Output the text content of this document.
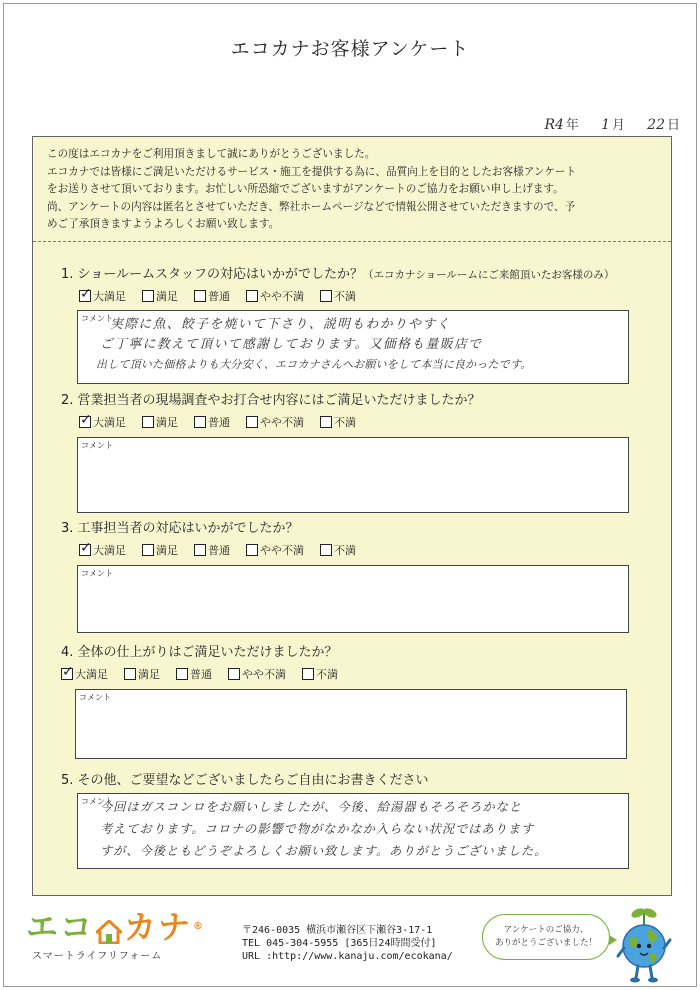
エコカナお客様アンケート
R4 年 1 月 22 日

この度はエコカナをご利用頂きまして誠にありがとうございました。

エコカナでは皆様にご満足いただけるサービス・施工を提供する為に、品質向上を目的としたお客様アンケート

をお送りさせて頂いております。お忙しい所恐縮でございますがアンケートのご協力をお願い申し上げます。

尚、アンケートの内容は匿名とさせていただき、弊社ホームページなどで情報公開させていただきますので、予

めご了承頂きますようよろしくお願い致します。

1. ショールームスタッフの対応はいかがでしたか？（エコカナショールームにご来館頂いたお客様のみ）
✓
大満足	満足	普通	やや不満	不満
コメント
実際に魚、餃子を焼いて下さり、説明もわかりやすく
ご丁寧に教えて頂いて感謝しております。又価格も量販店で
出して頂いた価格よりも大分安く、エコカナさんへお願いをして本当に良かったです。
2. 営業担当者の現場調査やお打合せ内容にはご満足いただけましたか？
✓
大満足	満足	普通	やや不満	不満
コメント
3. 工事担当者の対応はいかがでしたか？
✓
大満足	満足	普通	やや不満	不満
コメント
4. 全体の仕上がりはご満足いただけましたか？
✓
大満足	満足	普通	やや不満	不満
コメント
5. その他、ご要望などございましたらご自由にお書きください
コメント
今回はガスコンロをお願いしましたが、今後、給湯器もそろそろかなと
考えております。コロナの影響で物がなかなか入らない状況ではあります
すが、今後ともどうぞよろしくお願い致します。ありがとうございました。
エコ カナ ®
スマートライフリフォーム
〒246-0035 横浜市瀬谷区下瀬谷3-17-1
TEL 045-304-5955 [365日24時間受付]
URL :http://www.kanaju.com/ecokana/
アンケートのご協力、
ありがとうございました！
